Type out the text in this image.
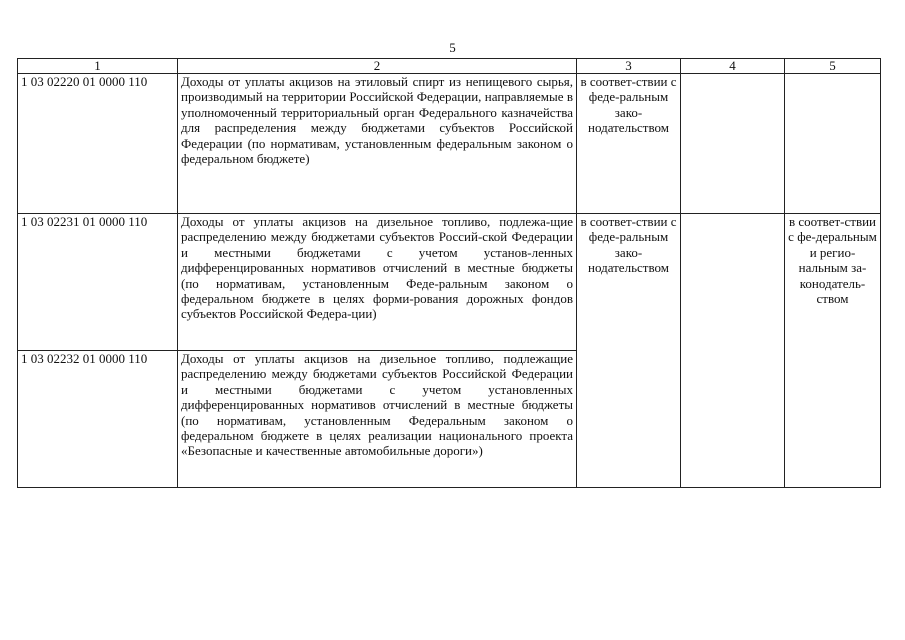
5
1	2	3	4	5
1 03 02220 01 0000 110	Доходы от уплаты акцизов на этиловый спирт из непищевого сырья, производимый на территории Российской Федерации, направляемые в уполномоченный территориальный орган Федерального казначейства для распределения между бюджетами субъектов Российской Федерации (по нормативам, установленным федеральным законом о федеральном бюджете)	в соответ-ствии с феде-ральным зако-нодательством		
1 03 02231 01 0000 110	Доходы от уплаты акцизов на дизельное топливо, подлежа-щие распределению между бюджетами субъектов Россий-ской Федерации и местными бюджетами с учетом установ-ленных дифференцированных нормативов отчислений в местные бюджеты (по нормативам, установленным Феде-ральным законом о федеральном бюджете в целях форми-рования дорожных фондов субъектов Российской Федера-ции)	в соответ-ствии с феде-ральным зако-нодательством		в соответ-ствии с фе-деральным и регио-нальным за-конодатель-ством
1 03 02232 01 0000 110	Доходы от уплаты акцизов на дизельное топливо, подлежащие распределению между бюджетами субъектов Российской Федерации и местными бюджетами с учетом установленных дифференцированных нормативов отчислений в местные бюджеты (по нормативам, установленным Федеральным законом о федеральном бюджете в целях реализации национального проекта «Безопасные и качественные автомобильные дороги»)			
